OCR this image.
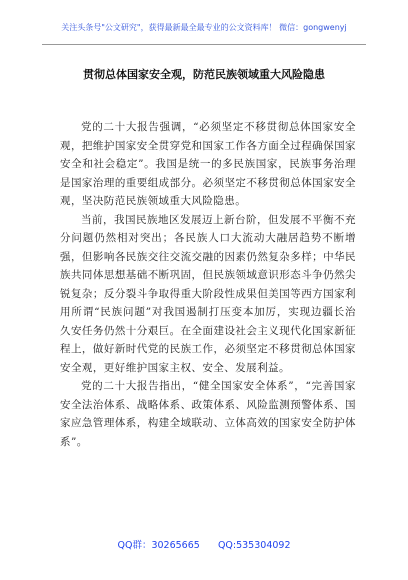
关注头条号"公文研究"，获得最新最全最专业的公文资料库！ 微信：gongwenyj
贯彻总体国家安全观，防范民族领域重大风险隐患

党的二十大报告强调，“必须坚定不移贯彻总体国家安全观，把维护国家安全贯穿党和国家工作各方面全过程确保国家安全和社会稳定”。我国是统一的多民族国家，民族事务治理是国家治理的重要组成部分。必须坚定不移贯彻总体国家安全观，坚决防范民族领域重大风险隐患。

当前，我国民族地区发展迈上新台阶，但发展不平衡不充分问题仍然相对突出；各民族人口大流动大融居趋势不断增强，但影响各民族交往交流交融的因素仍然复杂多样；中华民族共同体思想基础不断巩固，但民族领域意识形态斗争仍然尖锐复杂；反分裂斗争取得重大阶段性成果但美国等西方国家利用所谓“民族问题”对我国遏制打压变本加厉，实现边疆长治久安任务仍然十分艰巨。在全面建设社会主义现代化国家新征程上，做好新时代党的民族工作，必须坚定不移贯彻总体国家安全观，更好维护国家主权、安全、发展利益。

党的二十大报告指出，“健全国家安全体系”，“完善国家安全法治体系、战略体系、政策体系、风险监测预警体系、国家应急管理体系，构建全域联动、立体高效的国家安全防护体系”。

QQ群：30265665 QQ:535304092
